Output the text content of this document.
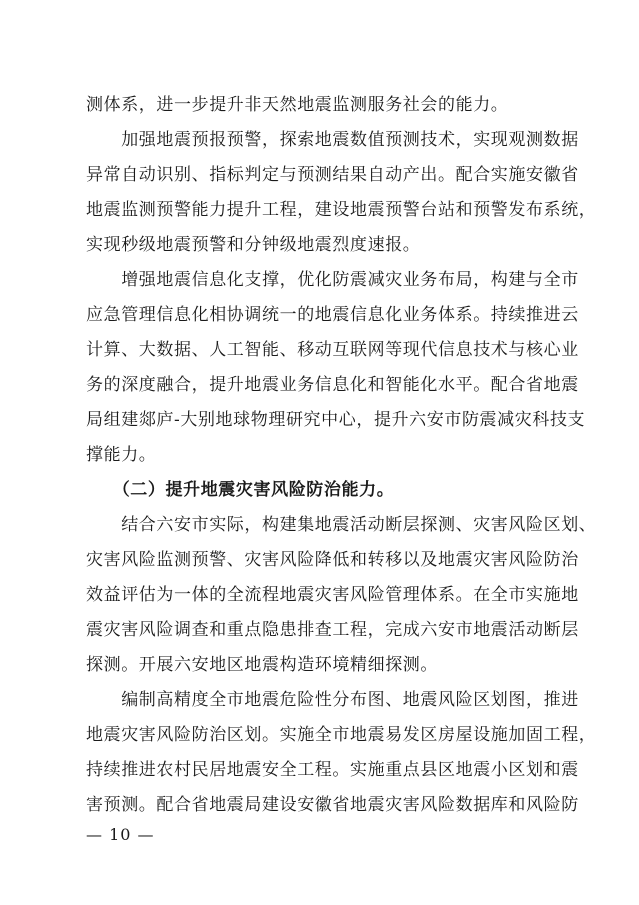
测体系，进一步提升非天然地震监测服务社会的能力。
　　加强地震预报预警，探索地震数值预测技术，实现观测数据
异常自动识别、指标判定与预测结果自动产出。配合实施安徽省
地震监测预警能力提升工程，建设地震预警台站和预警发布系统，
实现秒级地震预警和分钟级地震烈度速报。
　　增强地震信息化支撑，优化防震减灾业务布局，构建与全市
应急管理信息化相协调统一的地震信息化业务体系。持续推进云
计算、大数据、人工智能、移动互联网等现代信息技术与核心业
务的深度融合，提升地震业务信息化和智能化水平。配合省地震
局组建郯庐-大别地球物理研究中心，提升六安市防震减灾科技支
撑能力。
　　（二）提升地震灾害风险防治能力。
　　结合六安市实际，构建集地震活动断层探测、灾害风险区划、
灾害风险监测预警、灾害风险降低和转移以及地震灾害风险防治
效益评估为一体的全流程地震灾害风险管理体系。在全市实施地
震灾害风险调查和重点隐患排查工程，完成六安市地震活动断层
探测。开展六安地区地震构造环境精细探测。
　　编制高精度全市地震危险性分布图、地震风险区划图，推进
地震灾害风险防治区划。实施全市地震易发区房屋设施加固工程，
持续推进农村民居地震安全工程。实施重点县区地震小区划和震
害预测。配合省地震局建设安徽省地震灾害风险数据库和风险防
— 10 —
